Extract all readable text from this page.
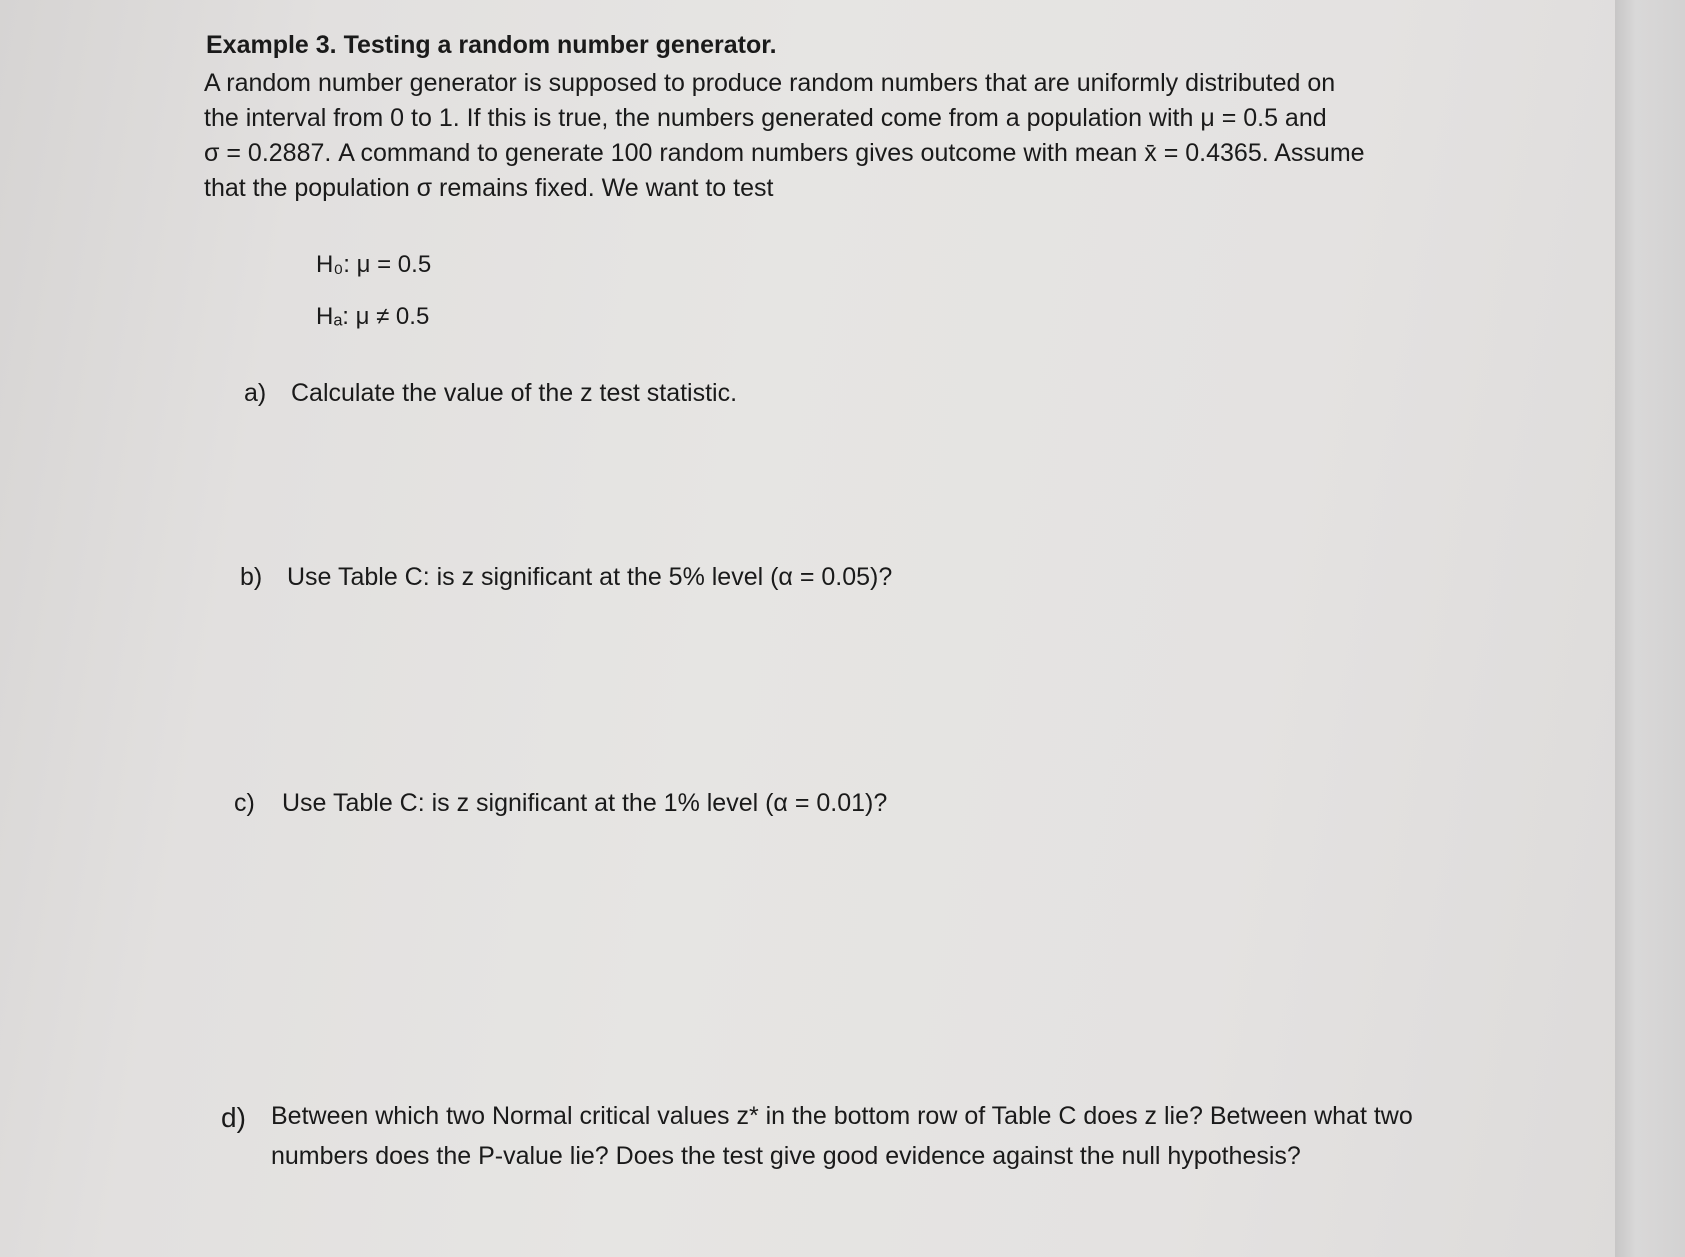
Example 3. Testing a random number generator.
A random number generator is supposed to produce random numbers that are uniformly distributed on
the interval from 0 to 1. If this is true, the numbers generated come from a population with μ = 0.5 and
σ = 0.2887. A command to generate 100 random numbers gives outcome with mean x̄ = 0.4365. Assume
that the population σ remains fixed. We want to test
H₀: μ = 0.5
Hₐ: μ ≠ 0.5
a) Calculate the value of the z test statistic.
b) Use Table C: is z significant at the 5% level (α = 0.05)?
c) Use Table C: is z significant at the 1% level (α = 0.01)?
d) Between which two Normal critical values z* in the bottom row of Table C does z lie? Between what two numbers does the P-value lie? Does the test give good evidence against the null hypothesis?
